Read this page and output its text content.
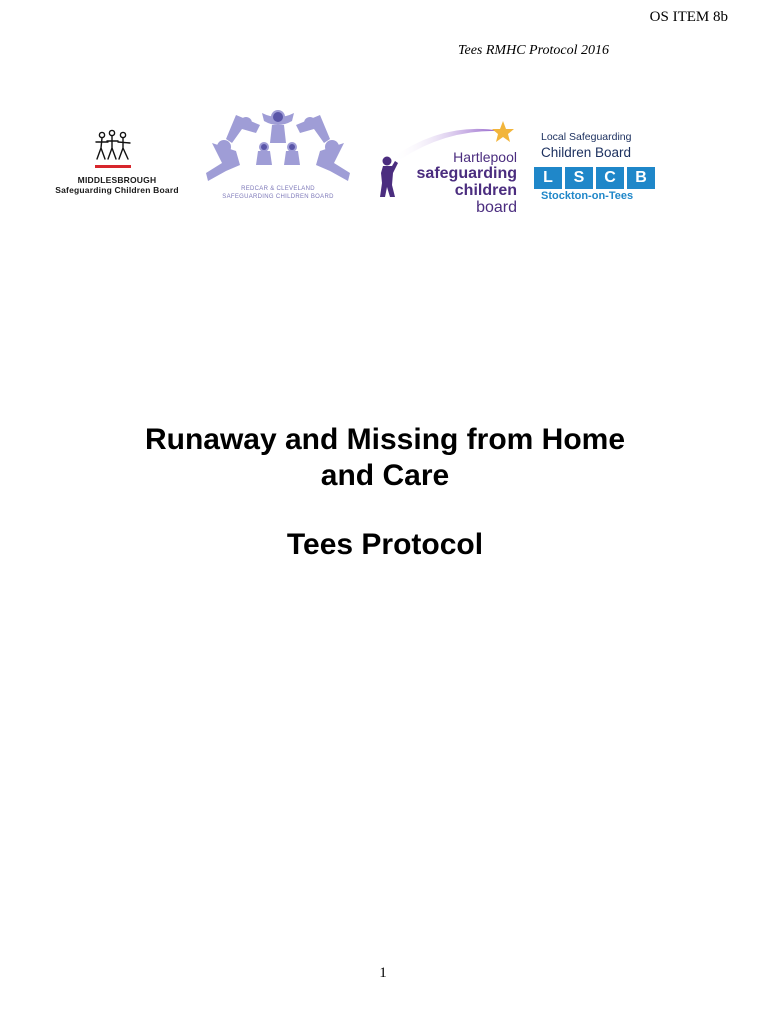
OS ITEM 8b
Tees RMHC Protocol 2016
MIDDLESBROUGH
Safeguarding Children Board	REDCAR & CLEVELAND
SAFEGUARDING CHILDREN BOARD
Hartlepool
safeguarding
children board
Local Safeguarding
Children Board
L	S	C	B
Stockton-on-Tees
Runaway and Missing from Home
and Care
Tees Protocol
1
